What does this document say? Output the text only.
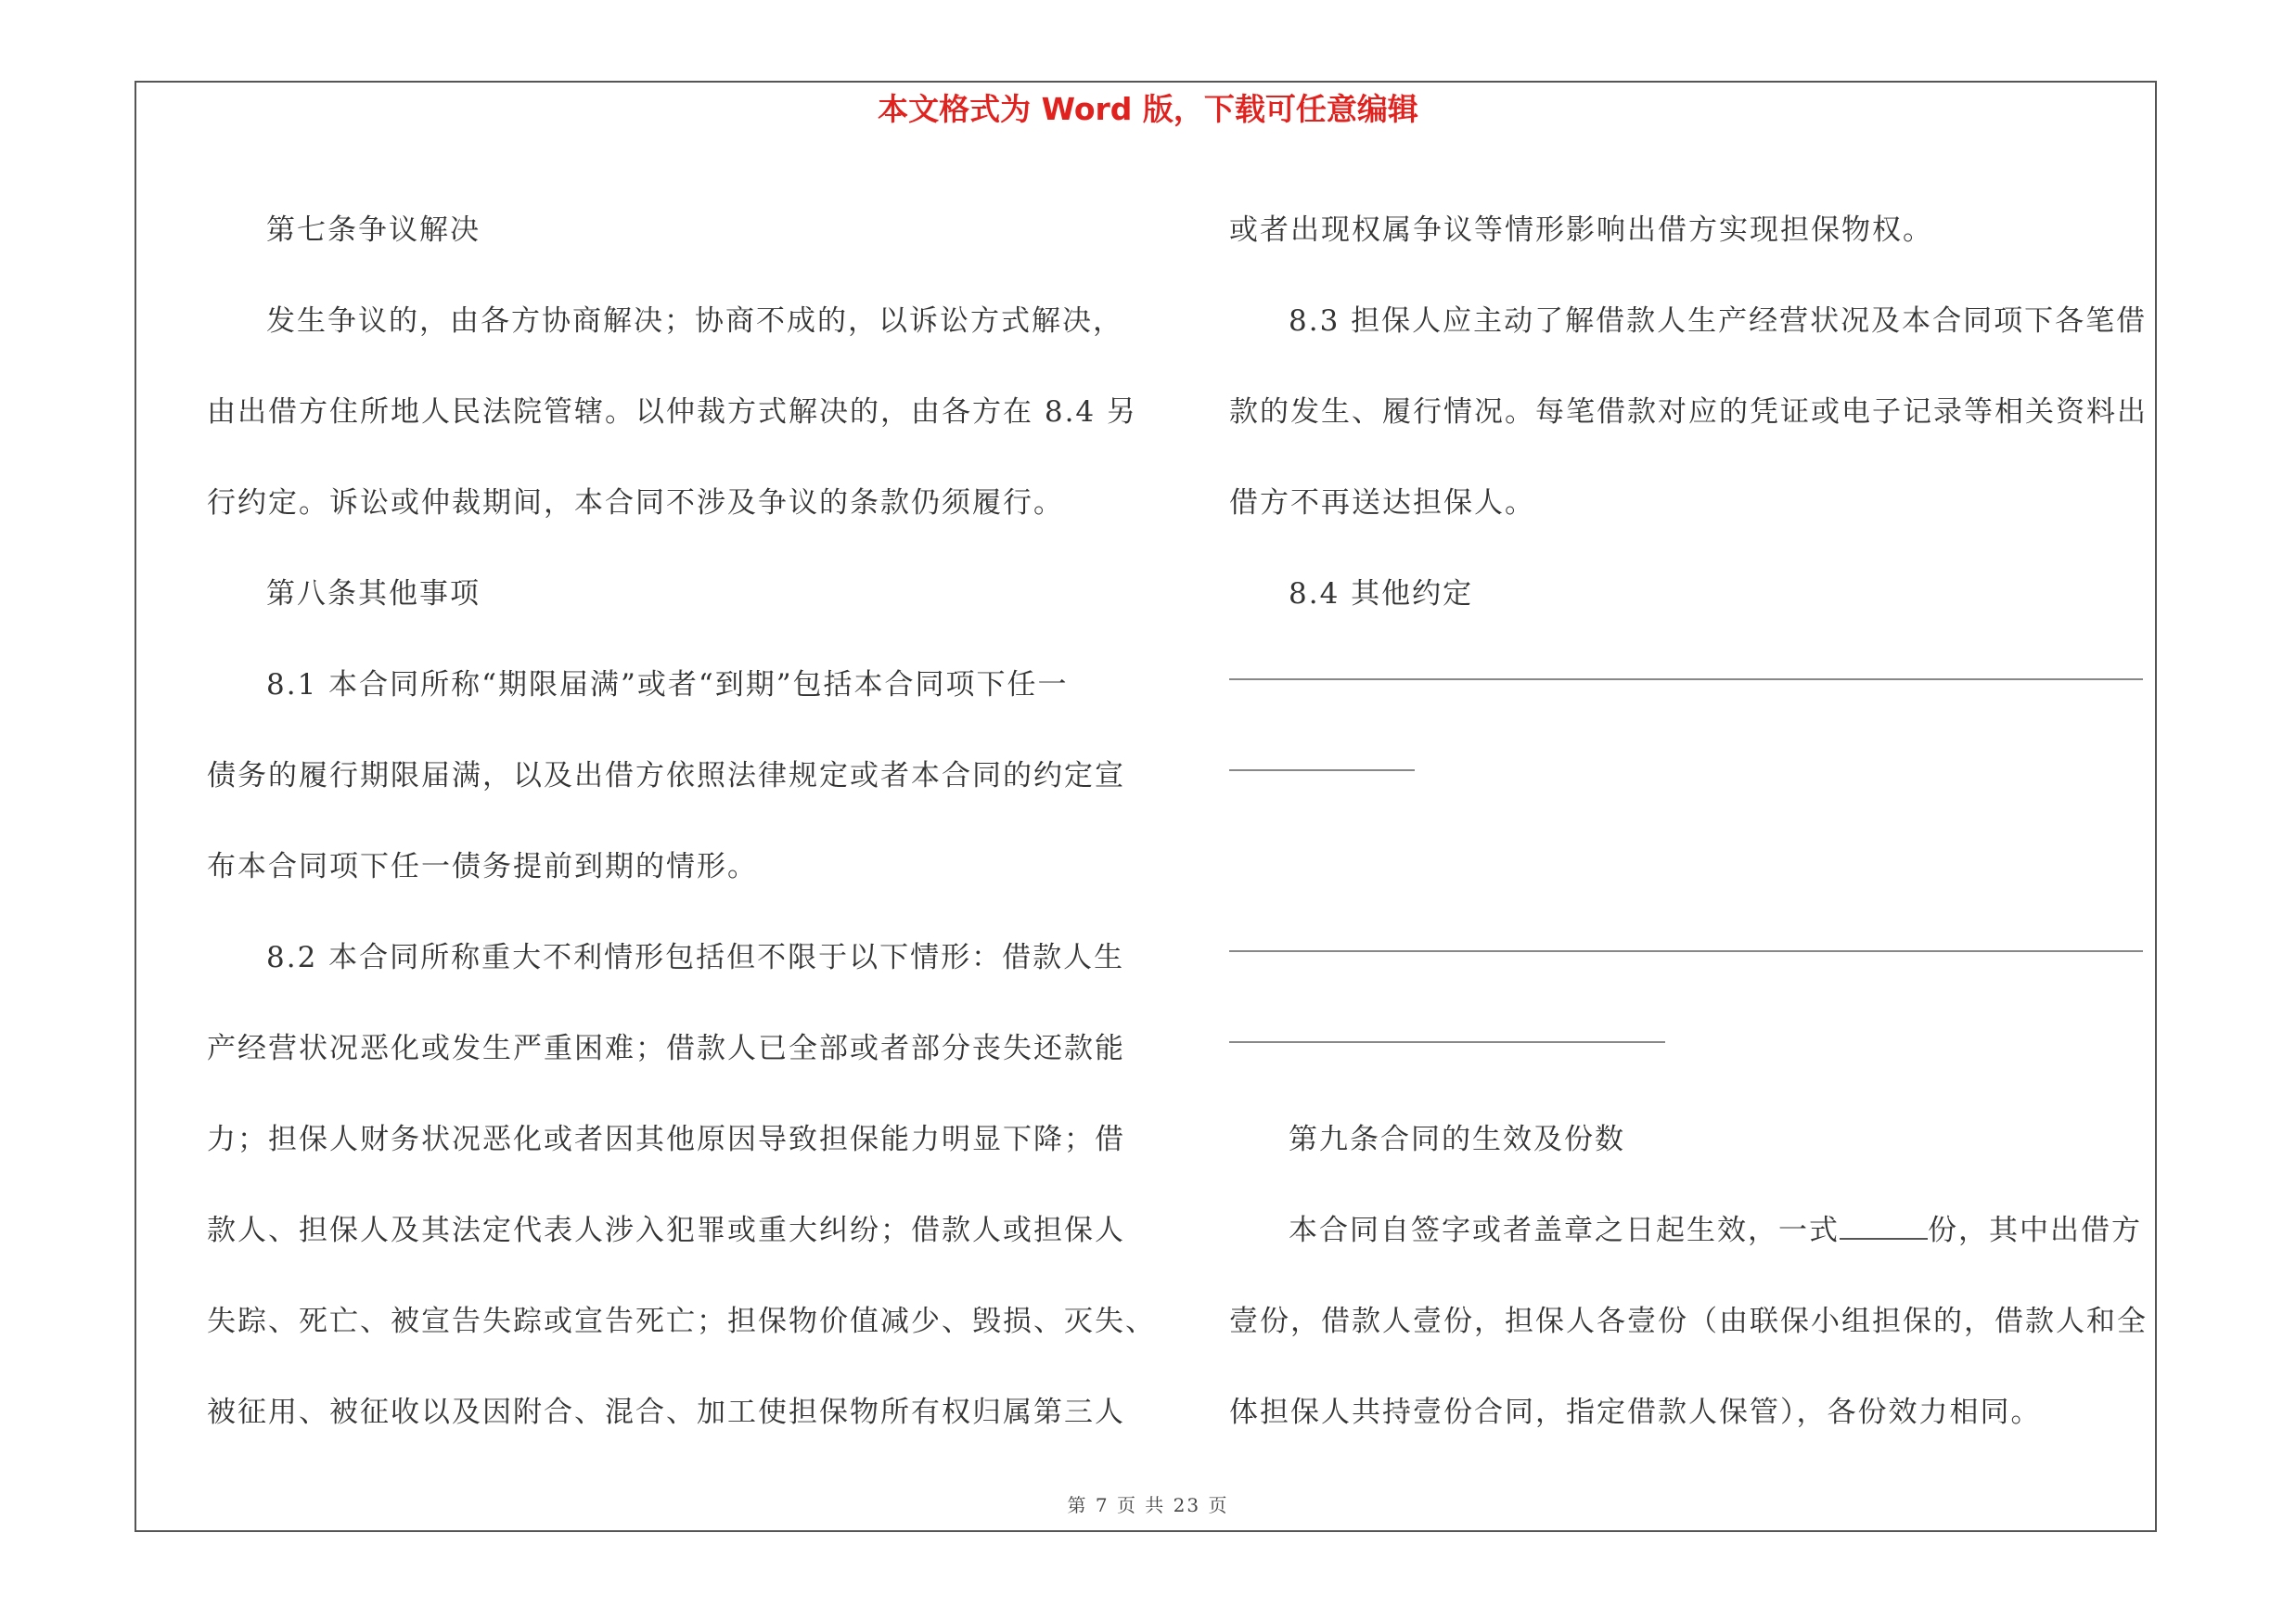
本文格式为 Word 版，下载可任意编辑
第七条争议解决
发生争议的，由各方协商解决；协商不成的，以诉讼方式解决，
由出借方住所地人民法院管辖。以仲裁方式解决的，由各方在 8.4 另
行约定。诉讼或仲裁期间，本合同不涉及争议的条款仍须履行。
第八条其他事项
8.1 本合同所称“期限届满”或者“到期”包括本合同项下任一
债务的履行期限届满，以及出借方依照法律规定或者本合同的约定宣
布本合同项下任一债务提前到期的情形。
8.2 本合同所称重大不利情形包括但不限于以下情形：借款人生
产经营状况恶化或发生严重困难；借款人已全部或者部分丧失还款能
力；担保人财务状况恶化或者因其他原因导致担保能力明显下降；借
款人、担保人及其法定代表人涉入犯罪或重大纠纷；借款人或担保人
失踪、死亡、被宣告失踪或宣告死亡；担保物价值减少、毁损、灭失、
被征用、被征收以及因附合、混合、加工使担保物所有权归属第三人
或者出现权属争议等情形影响出借方实现担保物权。
8.3 担保人应主动了解借款人生产经营状况及本合同项下各笔借
款的发生、履行情况。每笔借款对应的凭证或电子记录等相关资料出
借方不再送达担保人。
8.4 其他约定
第九条合同的生效及份数
本合同自签字或者盖章之日起生效，一式	份，其中出借方
壹份，借款人壹份，担保人各壹份（由联保小组担保的，借款人和全
体担保人共持壹份合同，指定借款人保管），各份效力相同。
第 7 页 共 23 页
